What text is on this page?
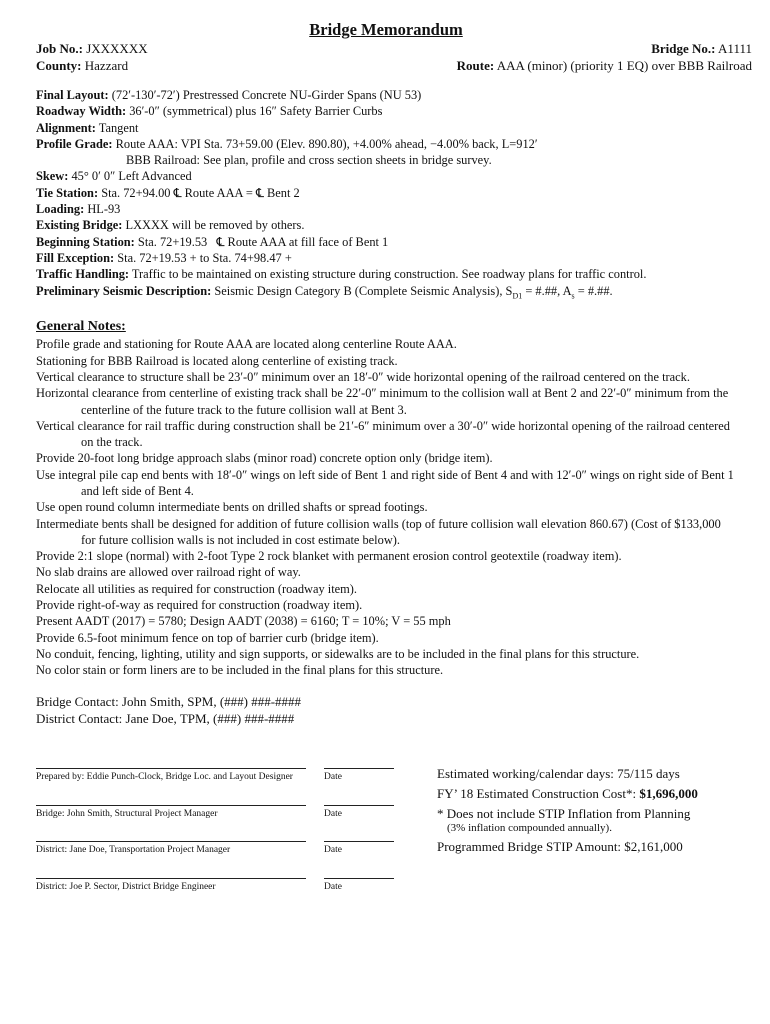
Bridge Memorandum
Job No.: JXXXXXX	Bridge No.: A1111
County: Hazzard	Route: AAA (minor) (priority 1 EQ) over BBB Railroad
Final Layout: (72′-130′-72′) Prestressed Concrete NU-Girder Spans (NU 53)
Roadway Width: 36′-0″ (symmetrical) plus 16″ Safety Barrier Curbs
Alignment: Tangent
Profile Grade: Route AAA: VPI Sta. 73+59.00 (Elev. 890.80), +4.00% ahead, −4.00% back, L=912′
BBB Railroad: See plan, profile and cross section sheets in bridge survey.
Skew: 45° 0′ 0″ Left Advanced
Tie Station: Sta. 72+94.00 ℄ Route AAA = ℄ Bent 2
Loading: HL-93
Existing Bridge: LXXXX will be removed by others.
Beginning Station: Sta. 72+19.53   ℄ Route AAA at fill face of Bent 1
Fill Exception: Sta. 72+19.53 + to Sta. 74+98.47 +
Traffic Handling: Traffic to be maintained on existing structure during construction. See roadway plans for traffic control.
Preliminary Seismic Description: Seismic Design Category B (Complete Seismic Analysis), $S_{D1}$ = #.##, $A_s$ = #.##.
General Notes:
Profile grade and stationing for Route AAA are located along centerline Route AAA.
Stationing for BBB Railroad is located along centerline of existing track.
Vertical clearance to structure shall be 23′-0″ minimum over an 18′-0″ wide horizontal opening of the railroad centered on the track.
Horizontal clearance from centerline of existing track shall be 22′-0″ minimum to the collision wall at Bent 2 and 22′-0″ minimum from the centerline of the future track to the future collision wall at Bent 3.
Vertical clearance for rail traffic during construction shall be 21′-6″ minimum over a 30′-0″ wide horizontal opening of the railroad centered on the track.
Provide 20-foot long bridge approach slabs (minor road) concrete option only (bridge item).
Use integral pile cap end bents with 18′-0″ wings on left side of Bent 1 and right side of Bent 4 and with 12′-0″ wings on right side of Bent 1 and left side of Bent 4.
Use open round column intermediate bents on drilled shafts or spread footings.
Intermediate bents shall be designed for addition of future collision walls (top of future collision wall elevation 860.67) (Cost of $133,000 for future collision walls is not included in cost estimate below).
Provide 2:1 slope (normal) with 2-foot Type 2 rock blanket with permanent erosion control geotextile (roadway item).
No slab drains are allowed over railroad right of way.
Relocate all utilities as required for construction (roadway item).
Provide right-of-way as required for construction (roadway item).
Present AADT (2017) = 5780; Design AADT (2038) = 6160; T = 10%; V = 55 mph
Provide 6.5-foot minimum fence on top of barrier curb (bridge item).
No conduit, fencing, lighting, utility and sign supports, or sidewalks are to be included in the final plans for this structure.
No color stain or form liners are to be included in the final plans for this structure.
Bridge Contact: John Smith, SPM, (###) ###-####
District Contact: Jane Doe, TPM, (###) ###-####
Prepared by: Eddie Punch-Clock, Bridge Loc. and Layout Designer	Date
Bridge: John Smith, Structural Project Manager	Date
District: Jane Doe, Transportation Project Manager	Date
District: Joe P. Sector, District Bridge Engineer	Date
Estimated working/calendar days: 75/115 days
FY’ 18 Estimated Construction Cost*: $1,696,000
* Does not include STIP Inflation from Planning
(3% inflation compounded annually).
Programmed Bridge STIP Amount: $2,161,000
